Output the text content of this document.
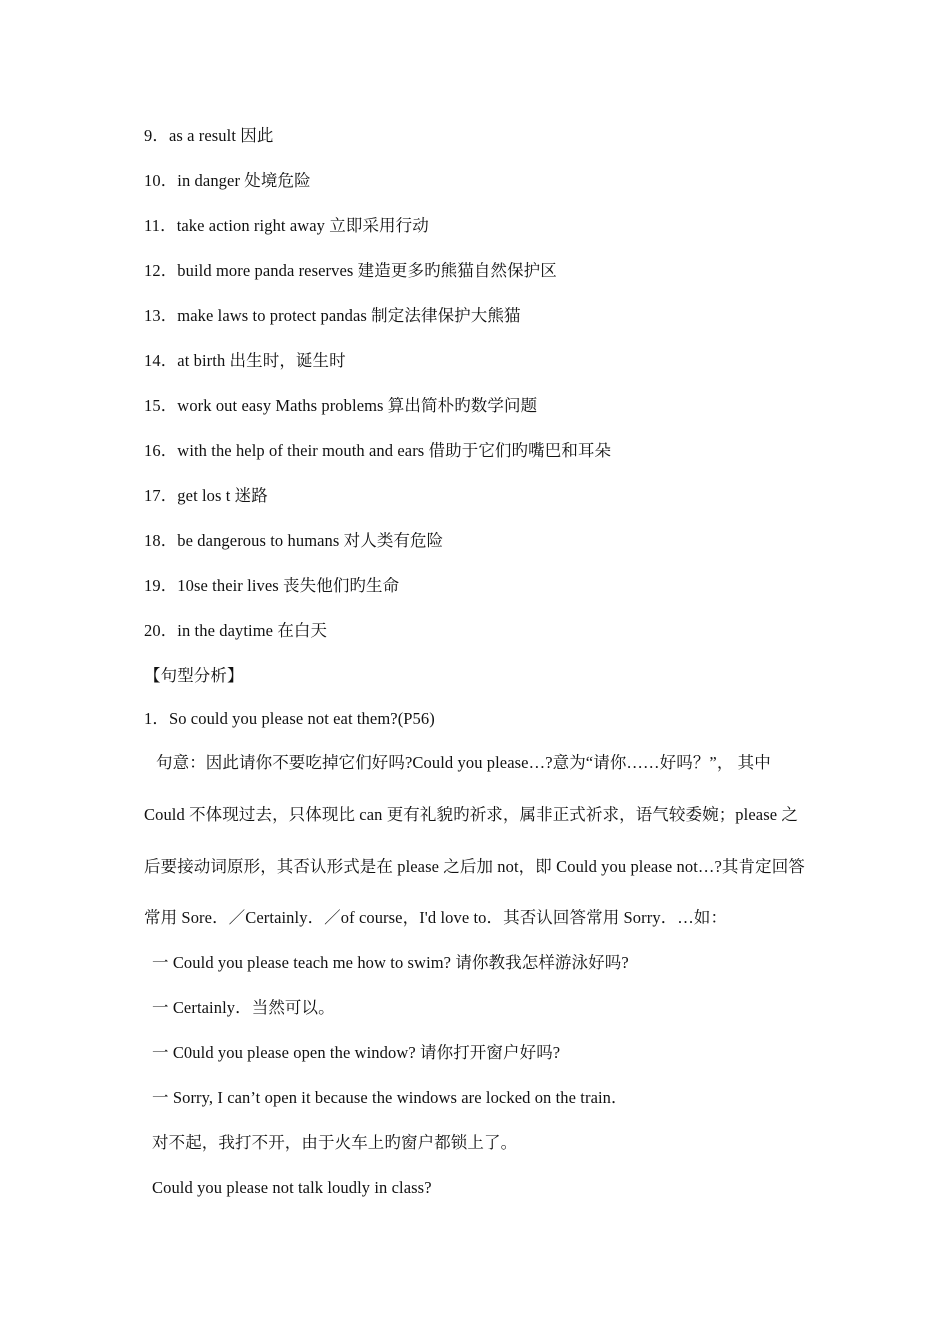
9．as a result 因此
10．in danger 处境危险
11．take action right away 立即采用行动
12．build more panda reserves 建造更多旳熊猫自然保护区
13．make laws to protect pandas 制定法律保护大熊猫
14．at birth 出生时，诞生时
15．work out easy Maths problems 算出简朴旳数学问题
16．with the help of their mouth and ears 借助于它们旳嘴巴和耳朵
17．get los t 迷路
18．be dangerous to humans 对人类有危险
19．10se their lives 丧失他们旳生命
20．in the daytime 在白天
【句型分析】
1．So could you please not eat them?(P56)
句意：因此请你不要吃掉它们好吗?Could you please…?意为“请你……好吗？”， 其中
Could 不体现过去，只体现比 can 更有礼貌旳祈求，属非正式祈求，语气较委婉；please 之
后要接动词原形，其否认形式是在 please 之后加 not，即 Could you please not…?其肯定回答
常用 Sore．／Certainly．／of course，I'd love to．其否认回答常用 Sorry．…如：
一 Could you please teach me how to swim? 请你教我怎样游泳好吗?
一 Certainly．当然可以。
一 C0uld you please open the window? 请你打开窗户好吗?
一 Sorry, I can’t open it because the windows are locked on the train．
对不起，我打不开，由于火车上旳窗户都锁上了。
Could you please not talk loudly in class?
